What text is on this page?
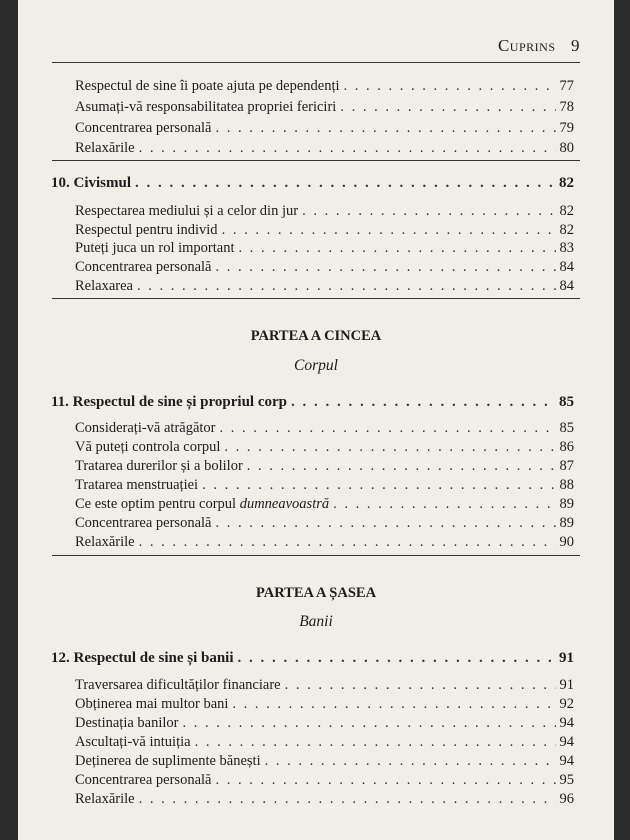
Cuprins 9
Respectul de sine îi poate ajuta pe dependenți . . .	77
Asumați-vă responsabilitatea propriei fericiri . . .	78
Concentrarea personală . . .	79
Relaxările . . .	80
10. Civismul . . .	82
Respectarea mediului și a celor din jur . . .	82
Respectul pentru individ . . .	82
Puteți juca un rol important . . .	83
Concentrarea personală . . .	84
Relaxarea . . .	84
PARTEA A CINCEA
Corpul
11. Respectul de sine și propriul corp . . .	85
Considerați-vă atrăgător . . .	85
Vă puteți controla corpul . . .	86
Tratarea durerilor și a bolilor . . .	87
Tratarea menstruației . . .	88
Ce este optim pentru corpul dumneavoastră . . .	89
Concentrarea personală . . .	89
Relaxările . . .	90
PARTEA A ȘASEA
Banii
12. Respectul de sine și banii . . .	91
Traversarea dificultăților financiare . . .	91
Obținerea mai multor bani . . .	92
Destinația banilor . . .	94
Ascultați-vă intuiția . . .	94
Deținerea de suplimente bănești . . .	94
Concentrarea personală . . .	95
Relaxările . . .	96
